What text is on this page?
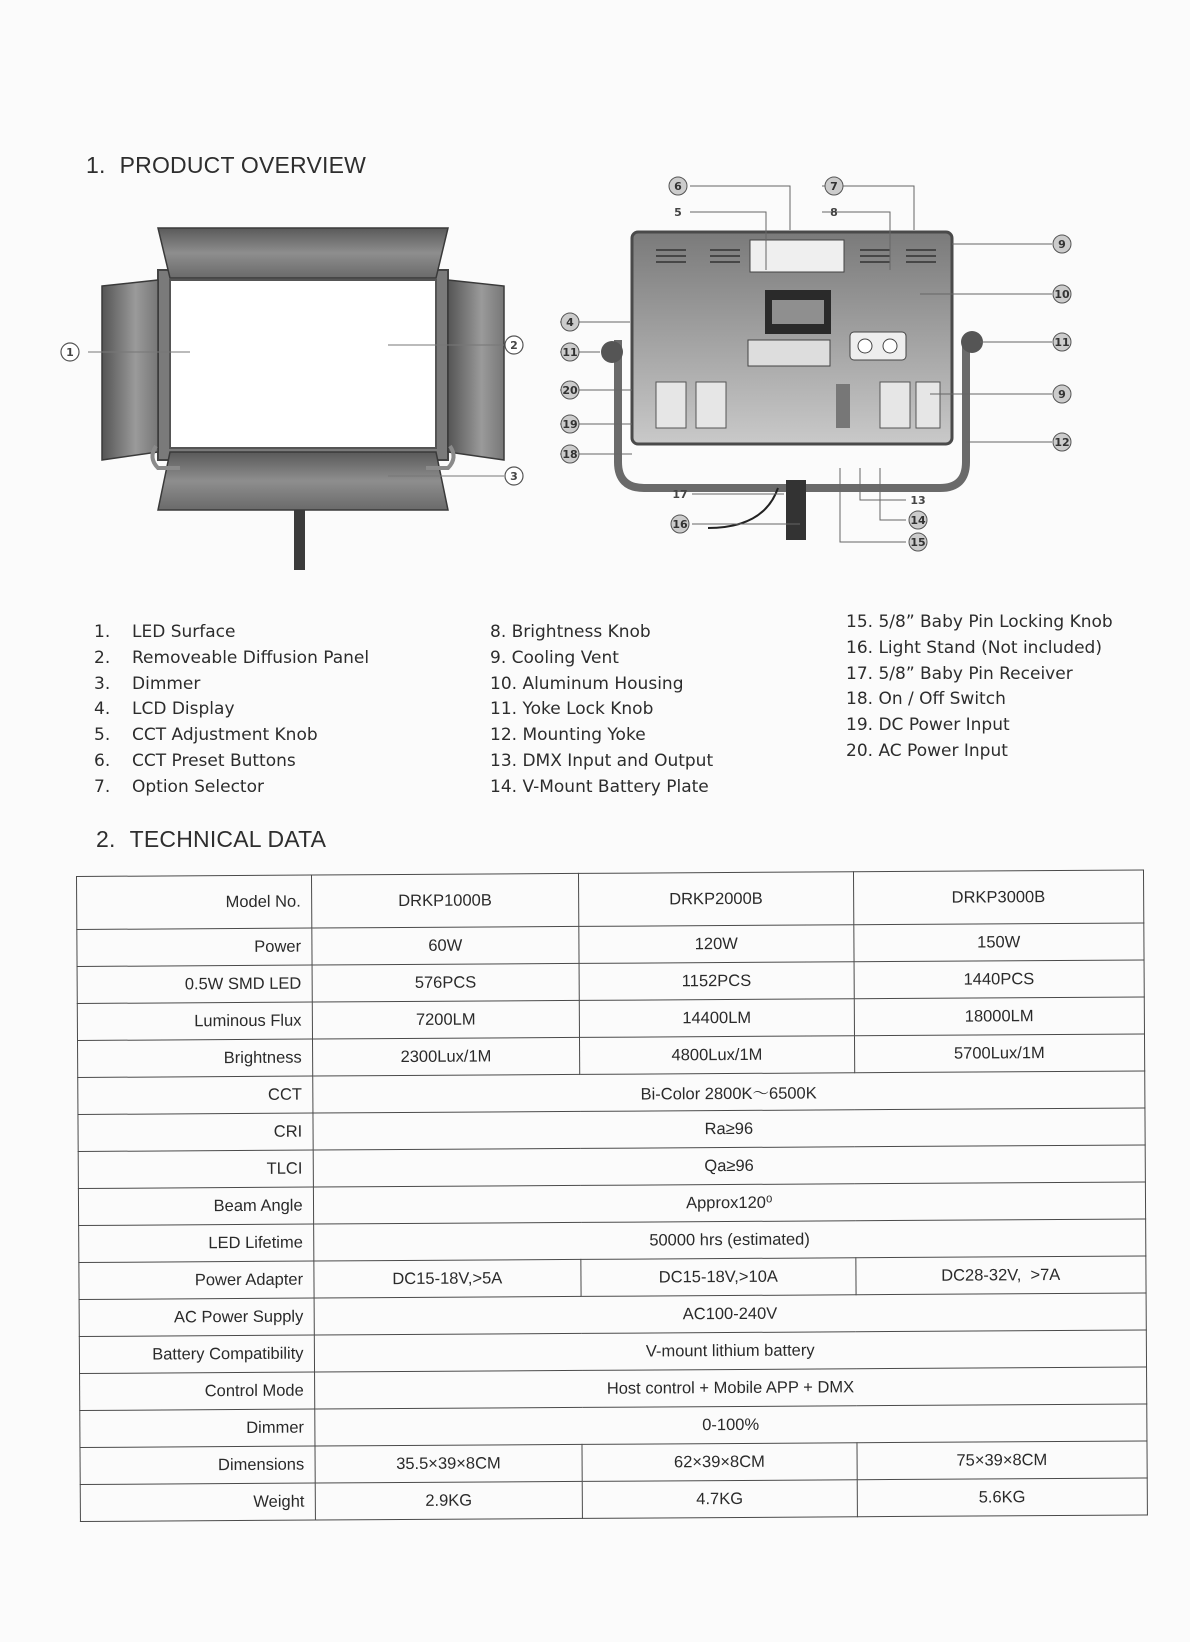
1. PRODUCT OVERVIEW
1
2
3
6
5
7
8
9
10
11
9
12
4
11
20
19
18
17
16
13
14
15
1. LED Surface
2. Removeable Diffusion Panel
3. Dimmer
4. LCD Display
5. CCT Adjustment Knob
6. CCT Preset Buttons
7. Option Selector
8. Brightness Knob
9. Cooling Vent
10. Aluminum Housing
11. Yoke Lock Knob
12. Mounting Yoke
13. DMX Input and Output
14. V-Mount Battery Plate
15. 5/8” Baby Pin Locking Knob
16. Light Stand (Not included)
17. 5/8” Baby Pin Receiver
18. On / Off Switch
19. DC Power Input
20. AC Power Input
2. TECHNICAL DATA
Model No.	DRKP1000B	DRKP2000B	DRKP3000B
Power	60W	120W	150W
0.5W SMD LED	576PCS	1152PCS	1440PCS
Luminous Flux	7200LM	14400LM	18000LM
Brightness	2300Lux/1M	4800Lux/1M	5700Lux/1M
CCT	Bi-Color 2800K～6500K		
CRI	Ra≥96		
TLCI	Qa≥96		
Beam Angle	Approx120⁰		
LED Lifetime	50000 hrs (estimated)		
Power Adapter	DC15-18V,>5A	DC15-18V,>10A	DC28-32V,  >7A
AC Power Supply	AC100-240V		
Battery Compatibility	V-mount lithium battery		
Control Mode	Host control + Mobile APP + DMX		
Dimmer	0-100%		
Dimensions	35.5×39×8CM	62×39×8CM	75×39×8CM
Weight	2.9KG	4.7KG	5.6KG
